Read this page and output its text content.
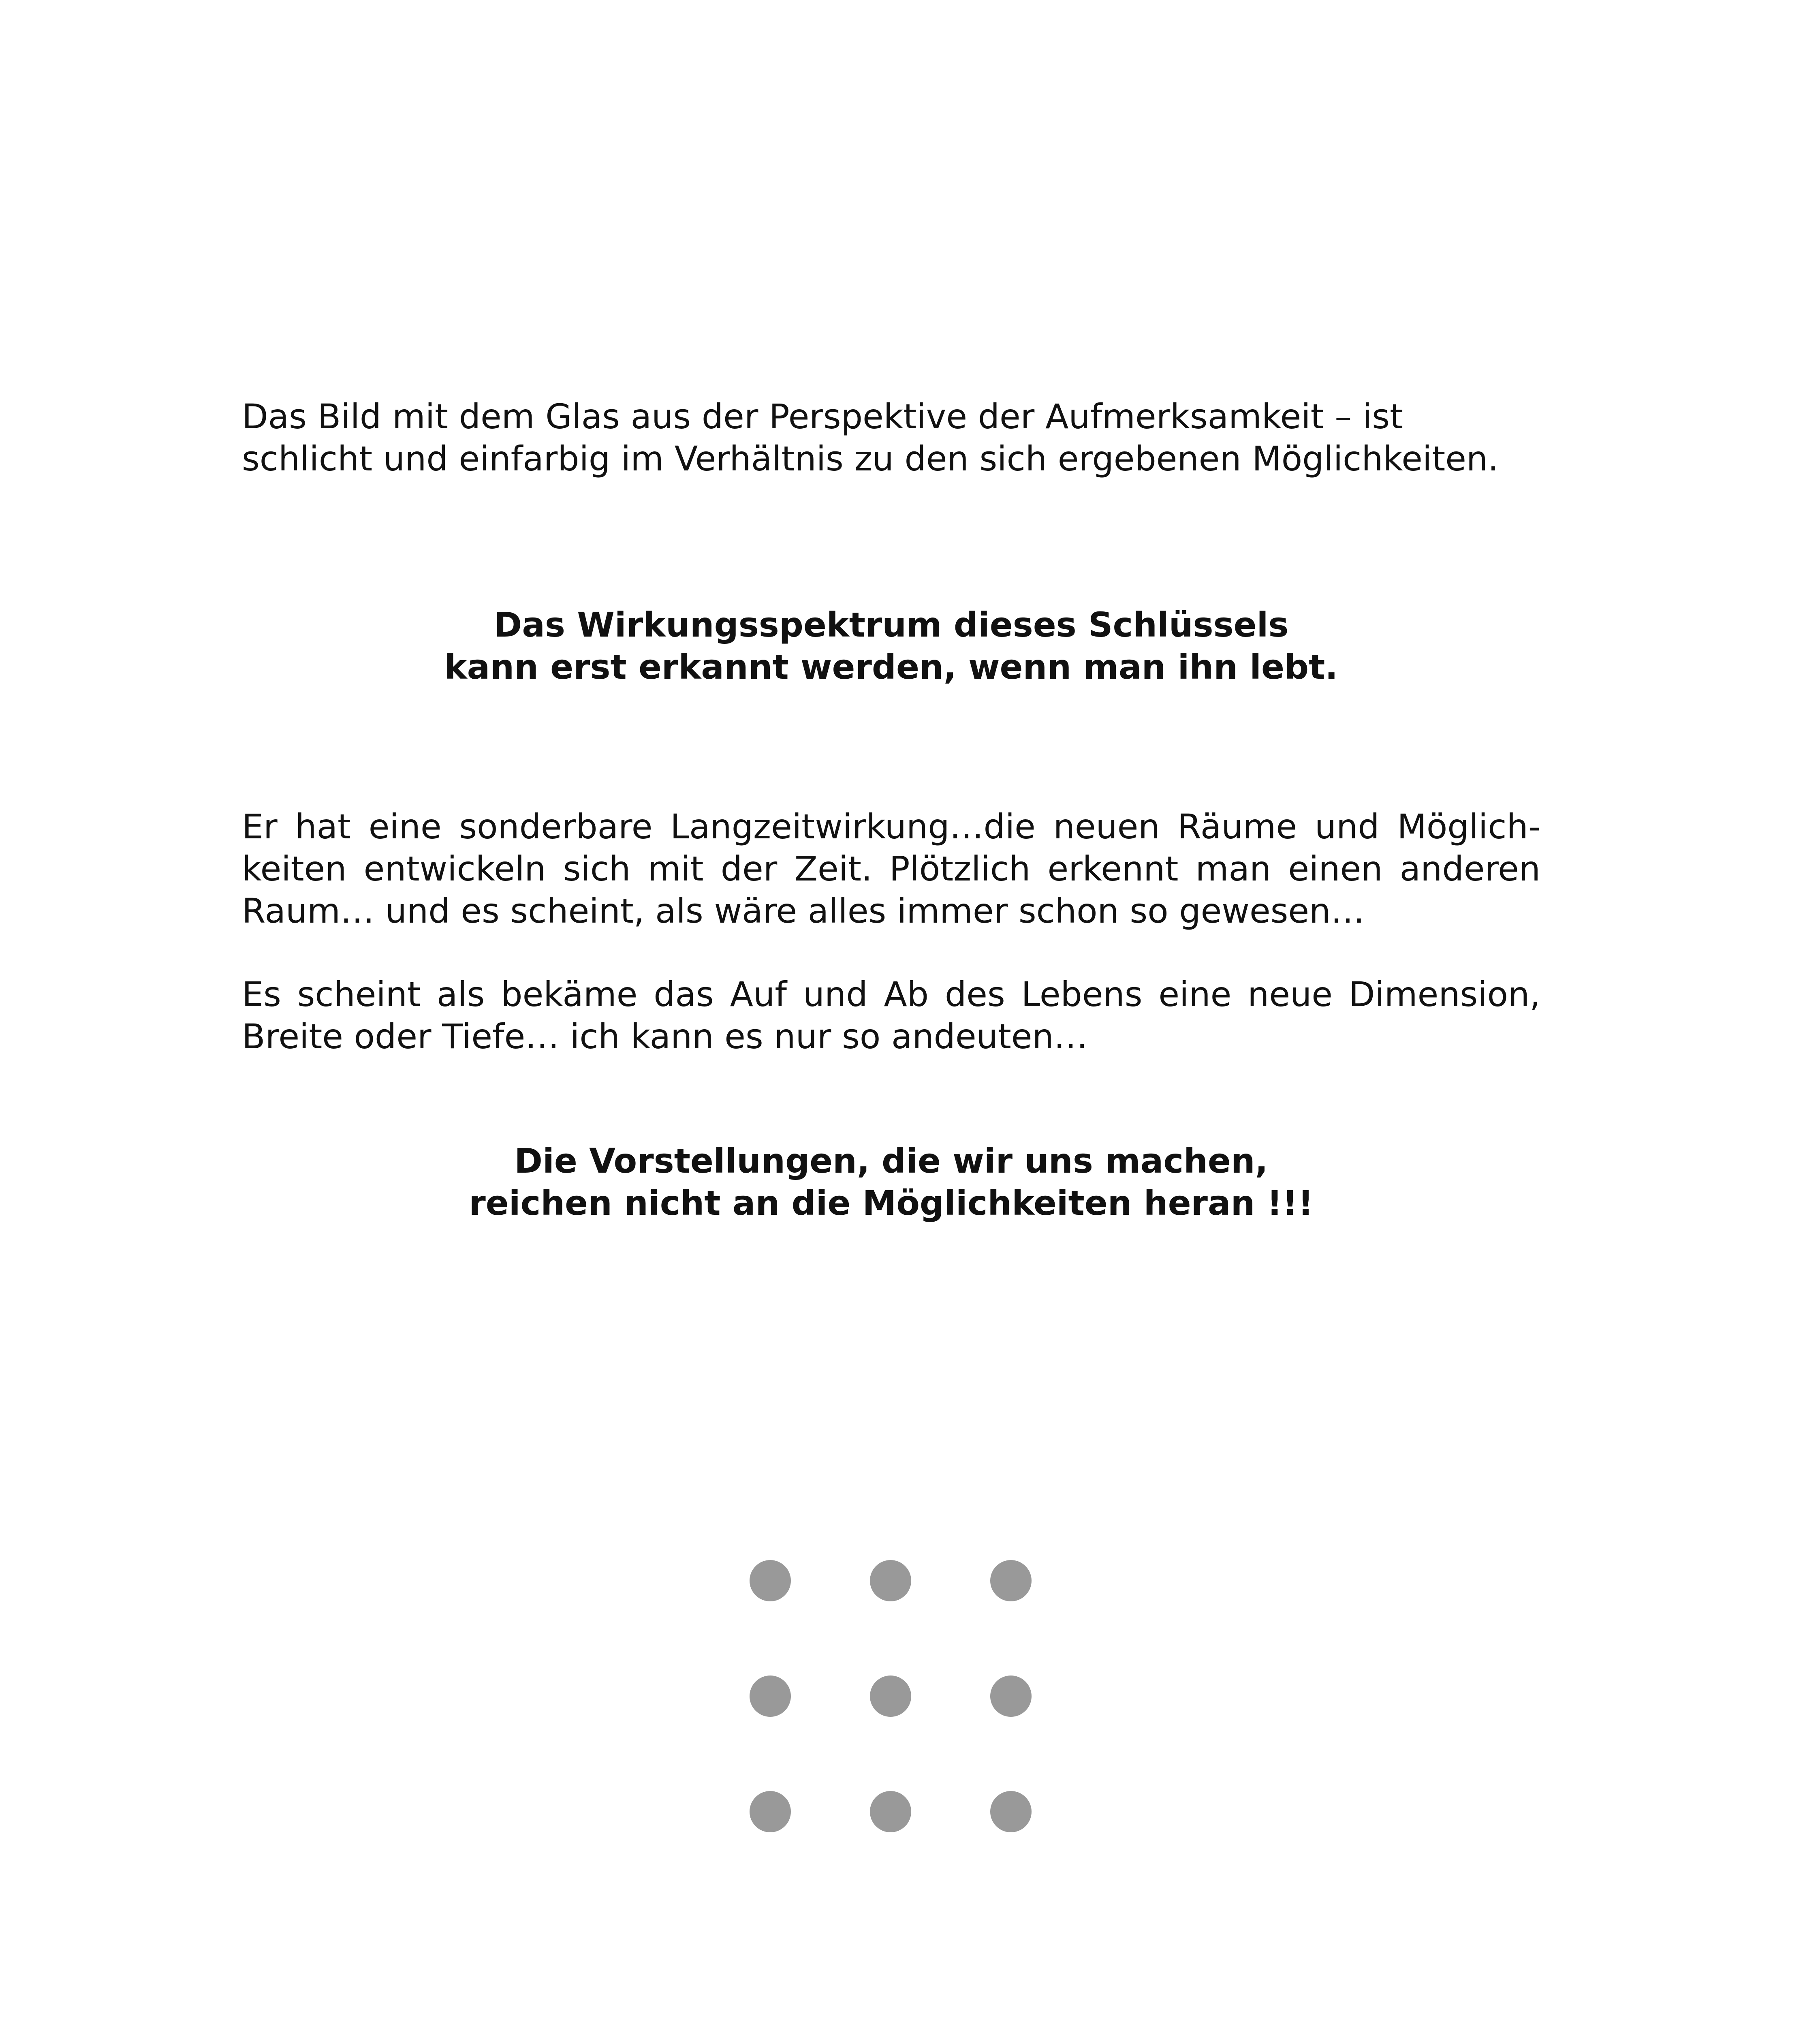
Das Bild mit dem Glas aus der Perspektive der Aufmerksamkeit – ist
schlicht und einfarbig im Verhältnis zu den sich ergebenen Möglichkeiten.

Das Wirkungsspektrum dieses Schlüssels
kann erst erkannt werden, wenn man ihn lebt.

Er hat eine sonderbare Langzeitwirkung…die neuen Räume und Möglich-
keiten entwickeln sich mit der Zeit. Plötzlich erkennt man einen anderen
Raum… und es scheint, als wäre alles immer schon so gewesen…

Es scheint als bekäme das Auf und Ab des Lebens eine neue Dimension,
Breite oder Tiefe… ich kann es nur so andeuten…

Die Vorstellungen, die wir uns machen,
reichen nicht an die Möglichkeiten heran !!!
